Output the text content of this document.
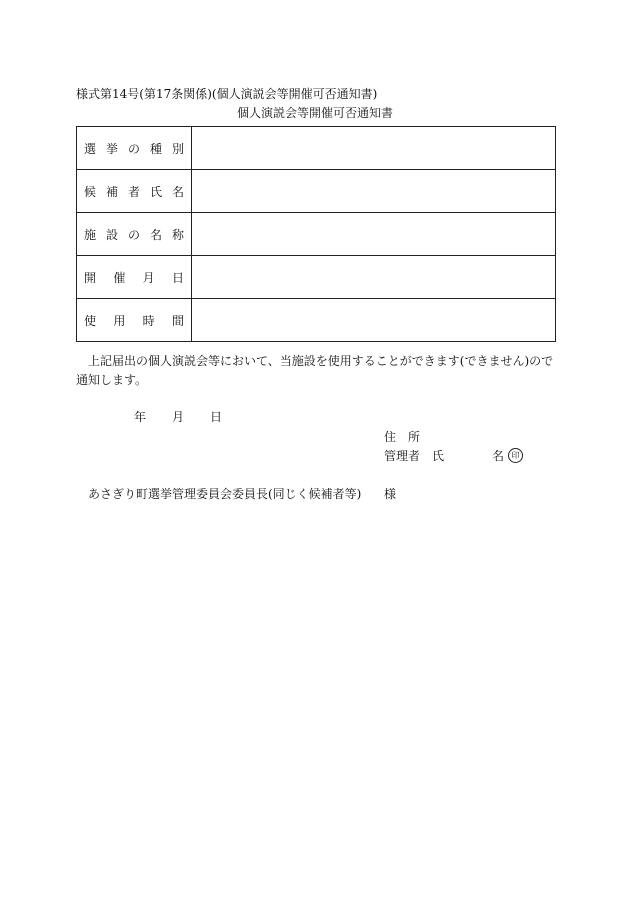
様式第14号(第17条関係)(個人演説会等開催可否通知書)
個人演説会等開催可否通知書
選 挙 の 種 別	

候 補 者 氏 名	

施 設 の 名 称	

開 催 月 日	

使 用 時 間	

上記届出の個人演説会等において、当施設を使用することができます(できません)ので
通知します。
年 月 日
住　所
管理者　氏	名 印
あさぎり町選挙管理委員会委員長(同じく候補者等) 様
